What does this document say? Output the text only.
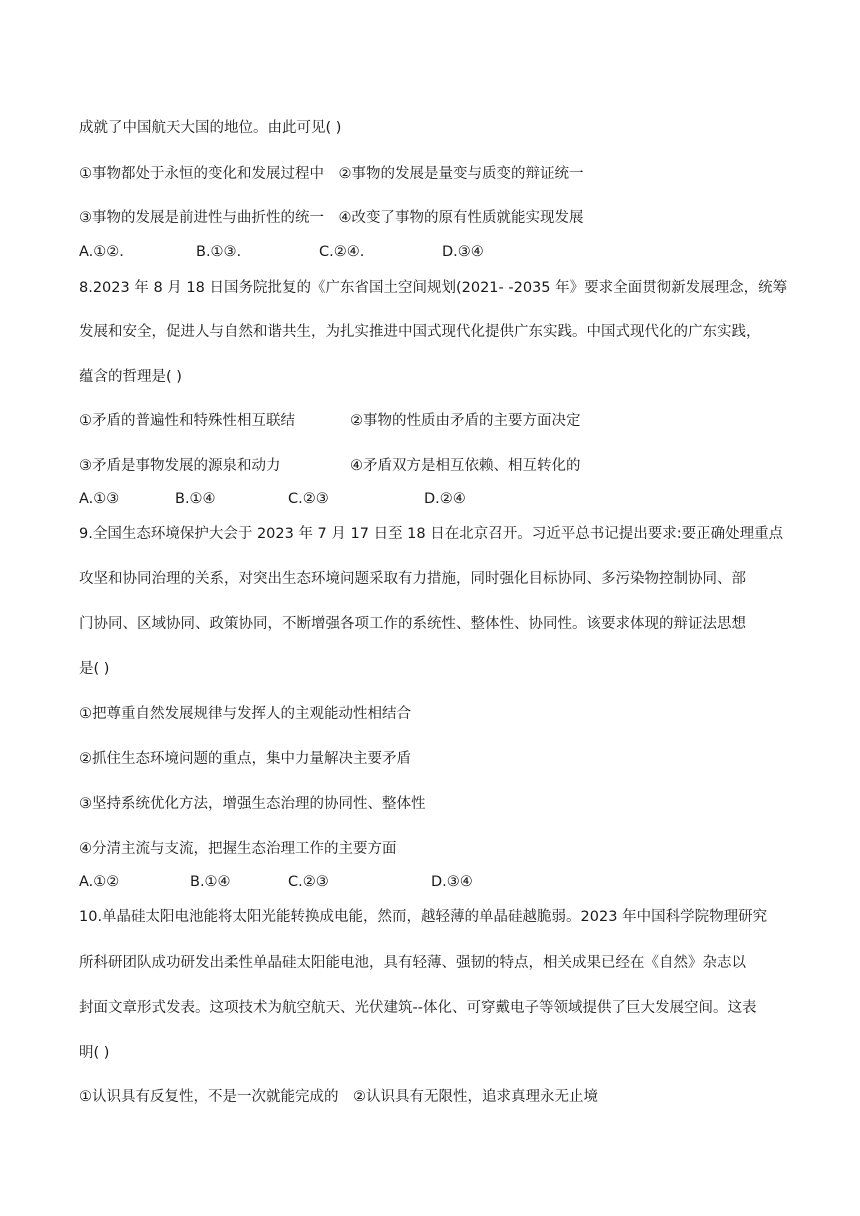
成就了中国航天大国的地位。由此可见( )
①事物都处于永恒的变化和发展过程中　②事物的发展是量变与质变的辩证统一
③事物的发展是前进性与曲折性的统一　④改变了事物的原有性质就能实现发展
A.①②.	B.①③.	C.②④.	D.③④
8.2023 年 8 月 18 日国务院批复的《广东省国土空间规划(2021- -2035 年》要求全面贯彻新发展理念，统筹
发展和安全，促进人与自然和谐共生，为扎实推进中国式现代化提供广东实践。中国式现代化的广东实践，
蕴含的哲理是( )
①矛盾的普遍性和特殊性相互联结	②事物的性质由矛盾的主要方面决定
③矛盾是事物发展的源泉和动力	④矛盾双方是相互依赖、相互转化的
A.①③	B.①④	C.②③	D.②④
9.全国生态环境保护大会于 2023 年 7 月 17 日至 18 日在北京召开。习近平总书记提出要求:要正确处理重点
攻坚和协同治理的关系，对突出生态环境问题采取有力措施，同时强化目标协同、多污染物控制协同、部
门协同、区域协同、政策协同，不断增强各项工作的系统性、整体性、协同性。该要求体现的辩证法思想
是( )
①把尊重自然发展规律与发挥人的主观能动性相结合
②抓住生态环境问题的重点，集中力量解决主要矛盾
③坚持系统优化方法，增强生态治理的协同性、整体性
④分清主流与支流，把握生态治理工作的主要方面
A.①②	B.①④	C.②③	D.③④
10.单晶硅太阳电池能将太阳光能转换成电能，然而，越轻薄的单晶硅越脆弱。2023 年中国科学院物理研究
所科研团队成功研发出柔性单晶硅太阳能电池，具有轻薄、强韧的特点，相关成果已经在《自然》杂志以
封面文章形式发表。这项技术为航空航天、光伏建筑--体化、可穿戴电子等领域提供了巨大发展空间。这表
明( )
①认识具有反复性，不是一次就能完成的　②认识具有无限性，追求真理永无止境
